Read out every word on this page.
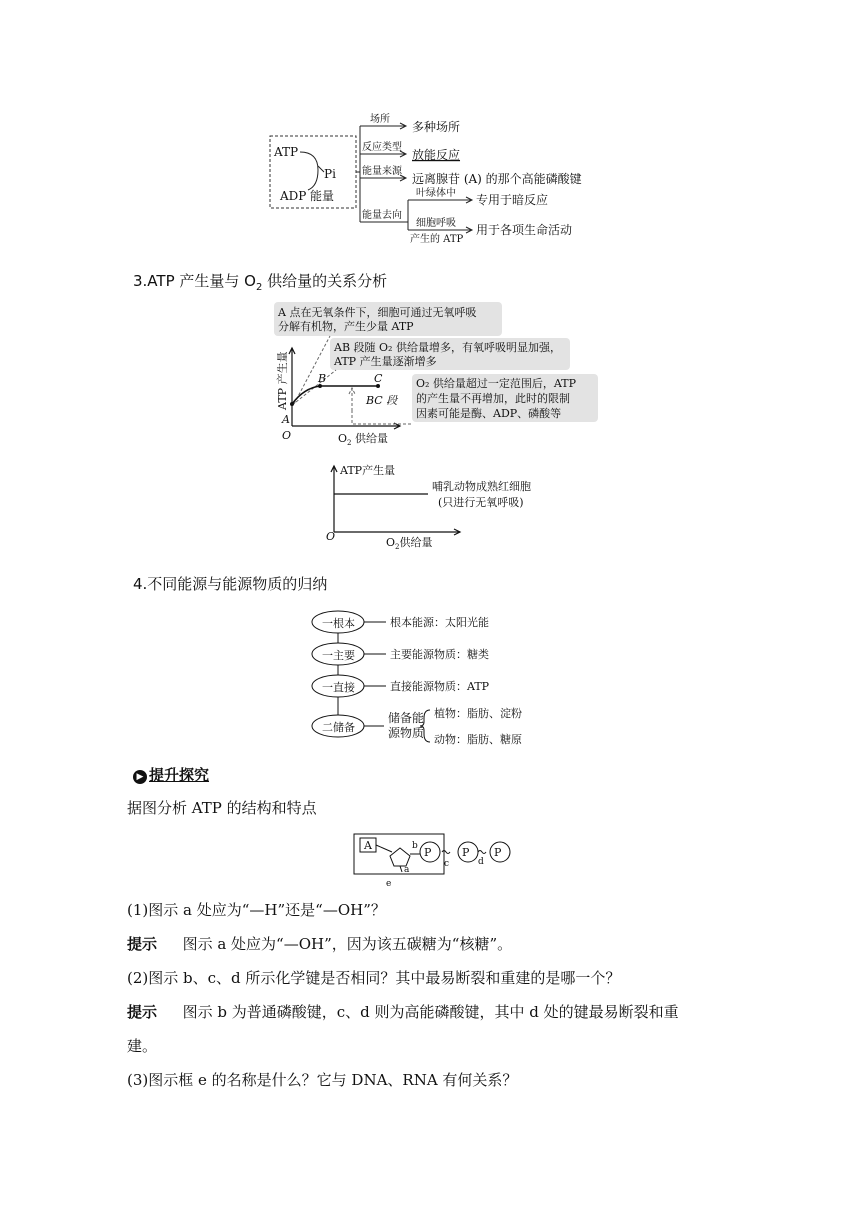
ATP
Pi
ADP 能量
场所
多种场所
反应类型
放能反应
能量来源
远离腺苷 (A) 的那个高能磷酸键
能量去向
叶绿体中 专用于暗反应
细胞呼吸
产生的 ATP
用于各项生命活动
3.ATP 产生量与 $O_2$ 供给量的关系分析
A 点在无氧条件下，细胞可通过无氧呼吸
分解有机物，产生少量 ATP
AB 段随 O₂ 供给量增多，有氧呼吸明显加强，
ATP 产生量逐渐增多
O₂ 供给量超过一定范围后，ATP
的产生量不再增加，此时的限制
因素可能是酶、ADP、磷酸等
A
B	C
BC 段
O
ATP 产生量
$O_2$ 供给量
ATP产生量
哺乳动物成熟红细胞
(只进行无氧呼吸)
O	$O_2$供给量
4.不同能源与能源物质的归纳
一根本
一主要
一直接
二储备
根本能源：太阳光能
主要能源物质：糖类
直接能源物质：ATP
储备能
源物质
植物：脂肪、淀粉
动物：脂肪、糖原
▶ 提升探究
据图分析 ATP 的结构和特点
A
P	P P
b
a
c	d
e
(1)图示 a 处应为“—H”还是“—OH”？
提示 图示 a 处应为“—OH”，因为该五碳糖为“核糖”。
(2)图示 b、c、d 所示化学键是否相同？其中最易断裂和重建的是哪一个？
提示 图示 b 为普通磷酸键，c、d 则为高能磷酸键，其中 d 处的键最易断裂和重
建。
(3)图示框 e 的名称是什么？它与 DNA、RNA 有何关系？
